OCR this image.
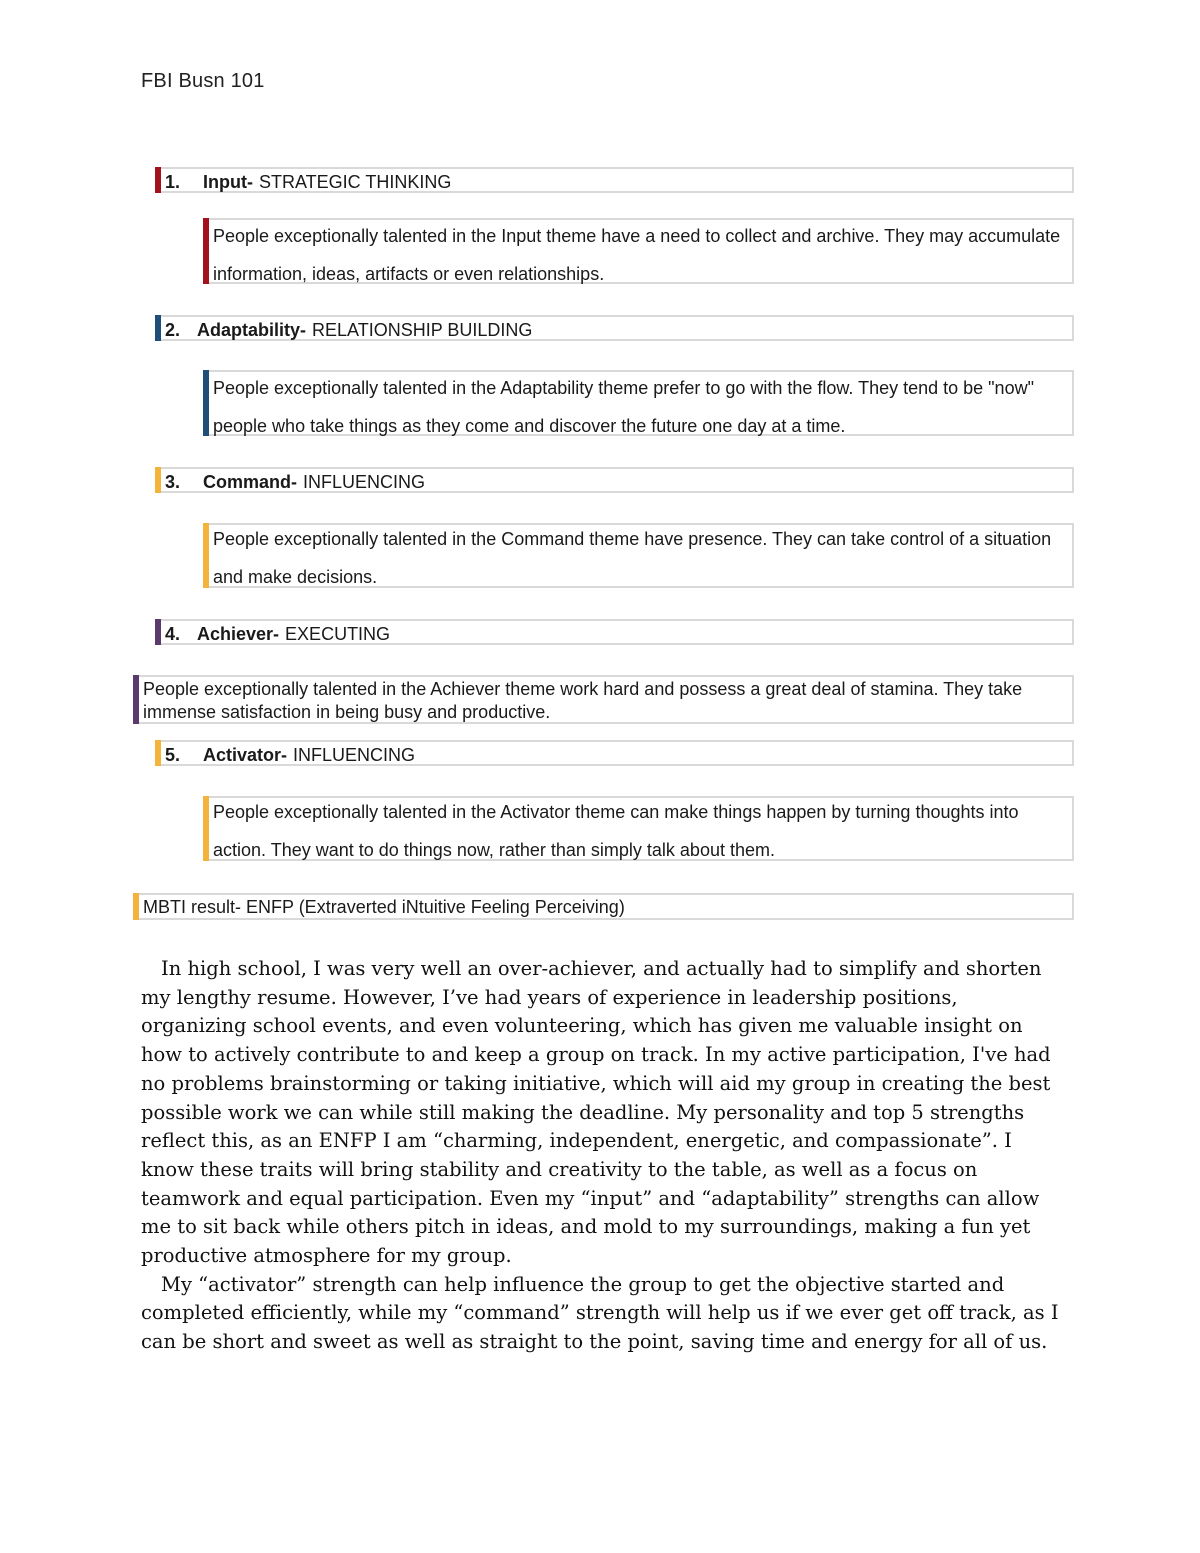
FBI Busn 101
1.	Input- STRATEGIC THINKING
People exceptionally talented in the Input theme have a need to collect and archive. They may accumulate information, ideas, artifacts or even relationships.
2. Adaptability- RELATIONSHIP BUILDING
People exceptionally talented in the Adaptability theme prefer to go with the flow. They tend to be "now" people who take things as they come and discover the future one day at a time.
3.	Command- INFLUENCING
People exceptionally talented in the Command theme have presence. They can take control of a situation and make decisions.
4. Achiever- EXECUTING
People exceptionally talented in the Achiever theme work hard and possess a great deal of stamina. They take immense satisfaction in being busy and productive.
5.	Activator- INFLUENCING
People exceptionally talented in the Activator theme can make things happen by turning thoughts into action. They want to do things now, rather than simply talk about them.
MBTI result- ENFP (Extraverted iNtuitive Feeling Perceiving)

In high school, I was very well an over-achiever, and actually had to simplify and shorten my lengthy resume. However, I’ve had years of experience in leadership positions, organizing school events, and even volunteering, which has given me valuable insight on how to actively contribute to and keep a group on track. In my active participation, I've had no problems brainstorming or taking initiative, which will aid my group in creating the best possible work we can while still making the deadline. My personality and top 5 strengths reflect this, as an ENFP I am “charming, independent, energetic, and compassionate”. I know these traits will bring stability and creativity to the table, as well as a focus on teamwork and equal participation. Even my “input” and “adaptability” strengths can allow me to sit back while others pitch in ideas, and mold to my surroundings, making a fun yet productive atmosphere for my group.

My “activator” strength can help influence the group to get the objective started and completed efficiently, while my “command” strength will help us if we ever get off track, as I can be short and sweet as well as straight to the point, saving time and energy for all of us.
